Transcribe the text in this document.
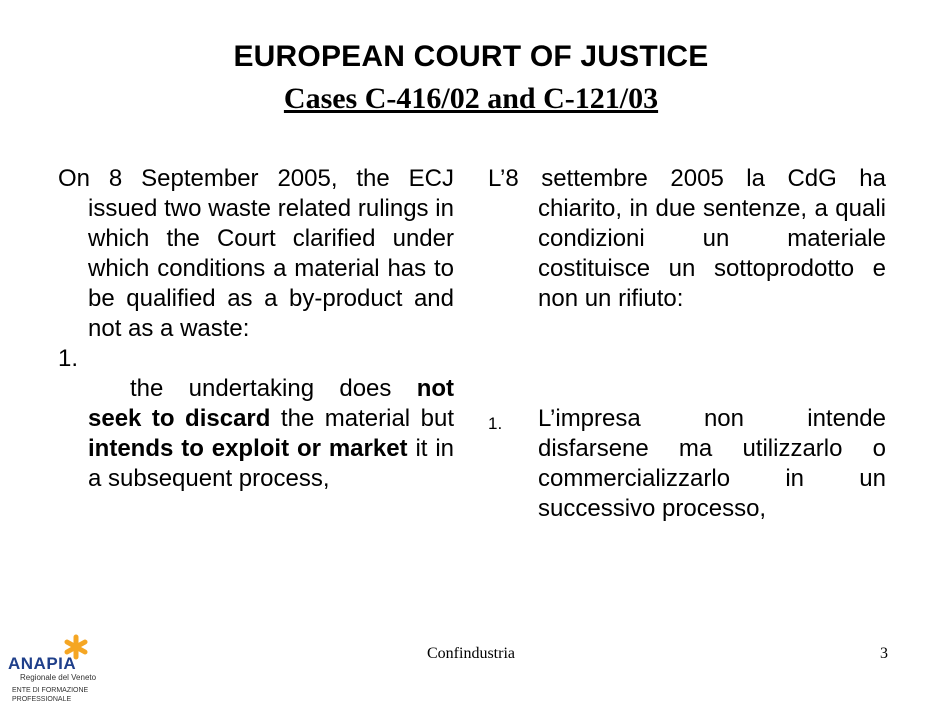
EUROPEAN COURT OF JUSTICE
Cases C-416/02 and C-121/03

On 8 September 2005, the ECJ issued two waste related rulings in which the Court clarified under which conditions a material has to be qualified as a by-product and not as a waste:

1.

the undertaking does not seek to discard the material but intends to exploit or market it in a subsequent process,

L’8 settembre 2005 la CdG ha chiarito, in due sentenze, a quali condizioni un materiale costituisce un sottoprodotto e non un rifiuto:

1. L’impresa non intende disfarsene ma utilizzarlo o commercializzarlo in un successivo processo,

ANAPIA
Regionale del Veneto
ENTE DI FORMAZIONE PROFESSIONALE
Confindustria	3
